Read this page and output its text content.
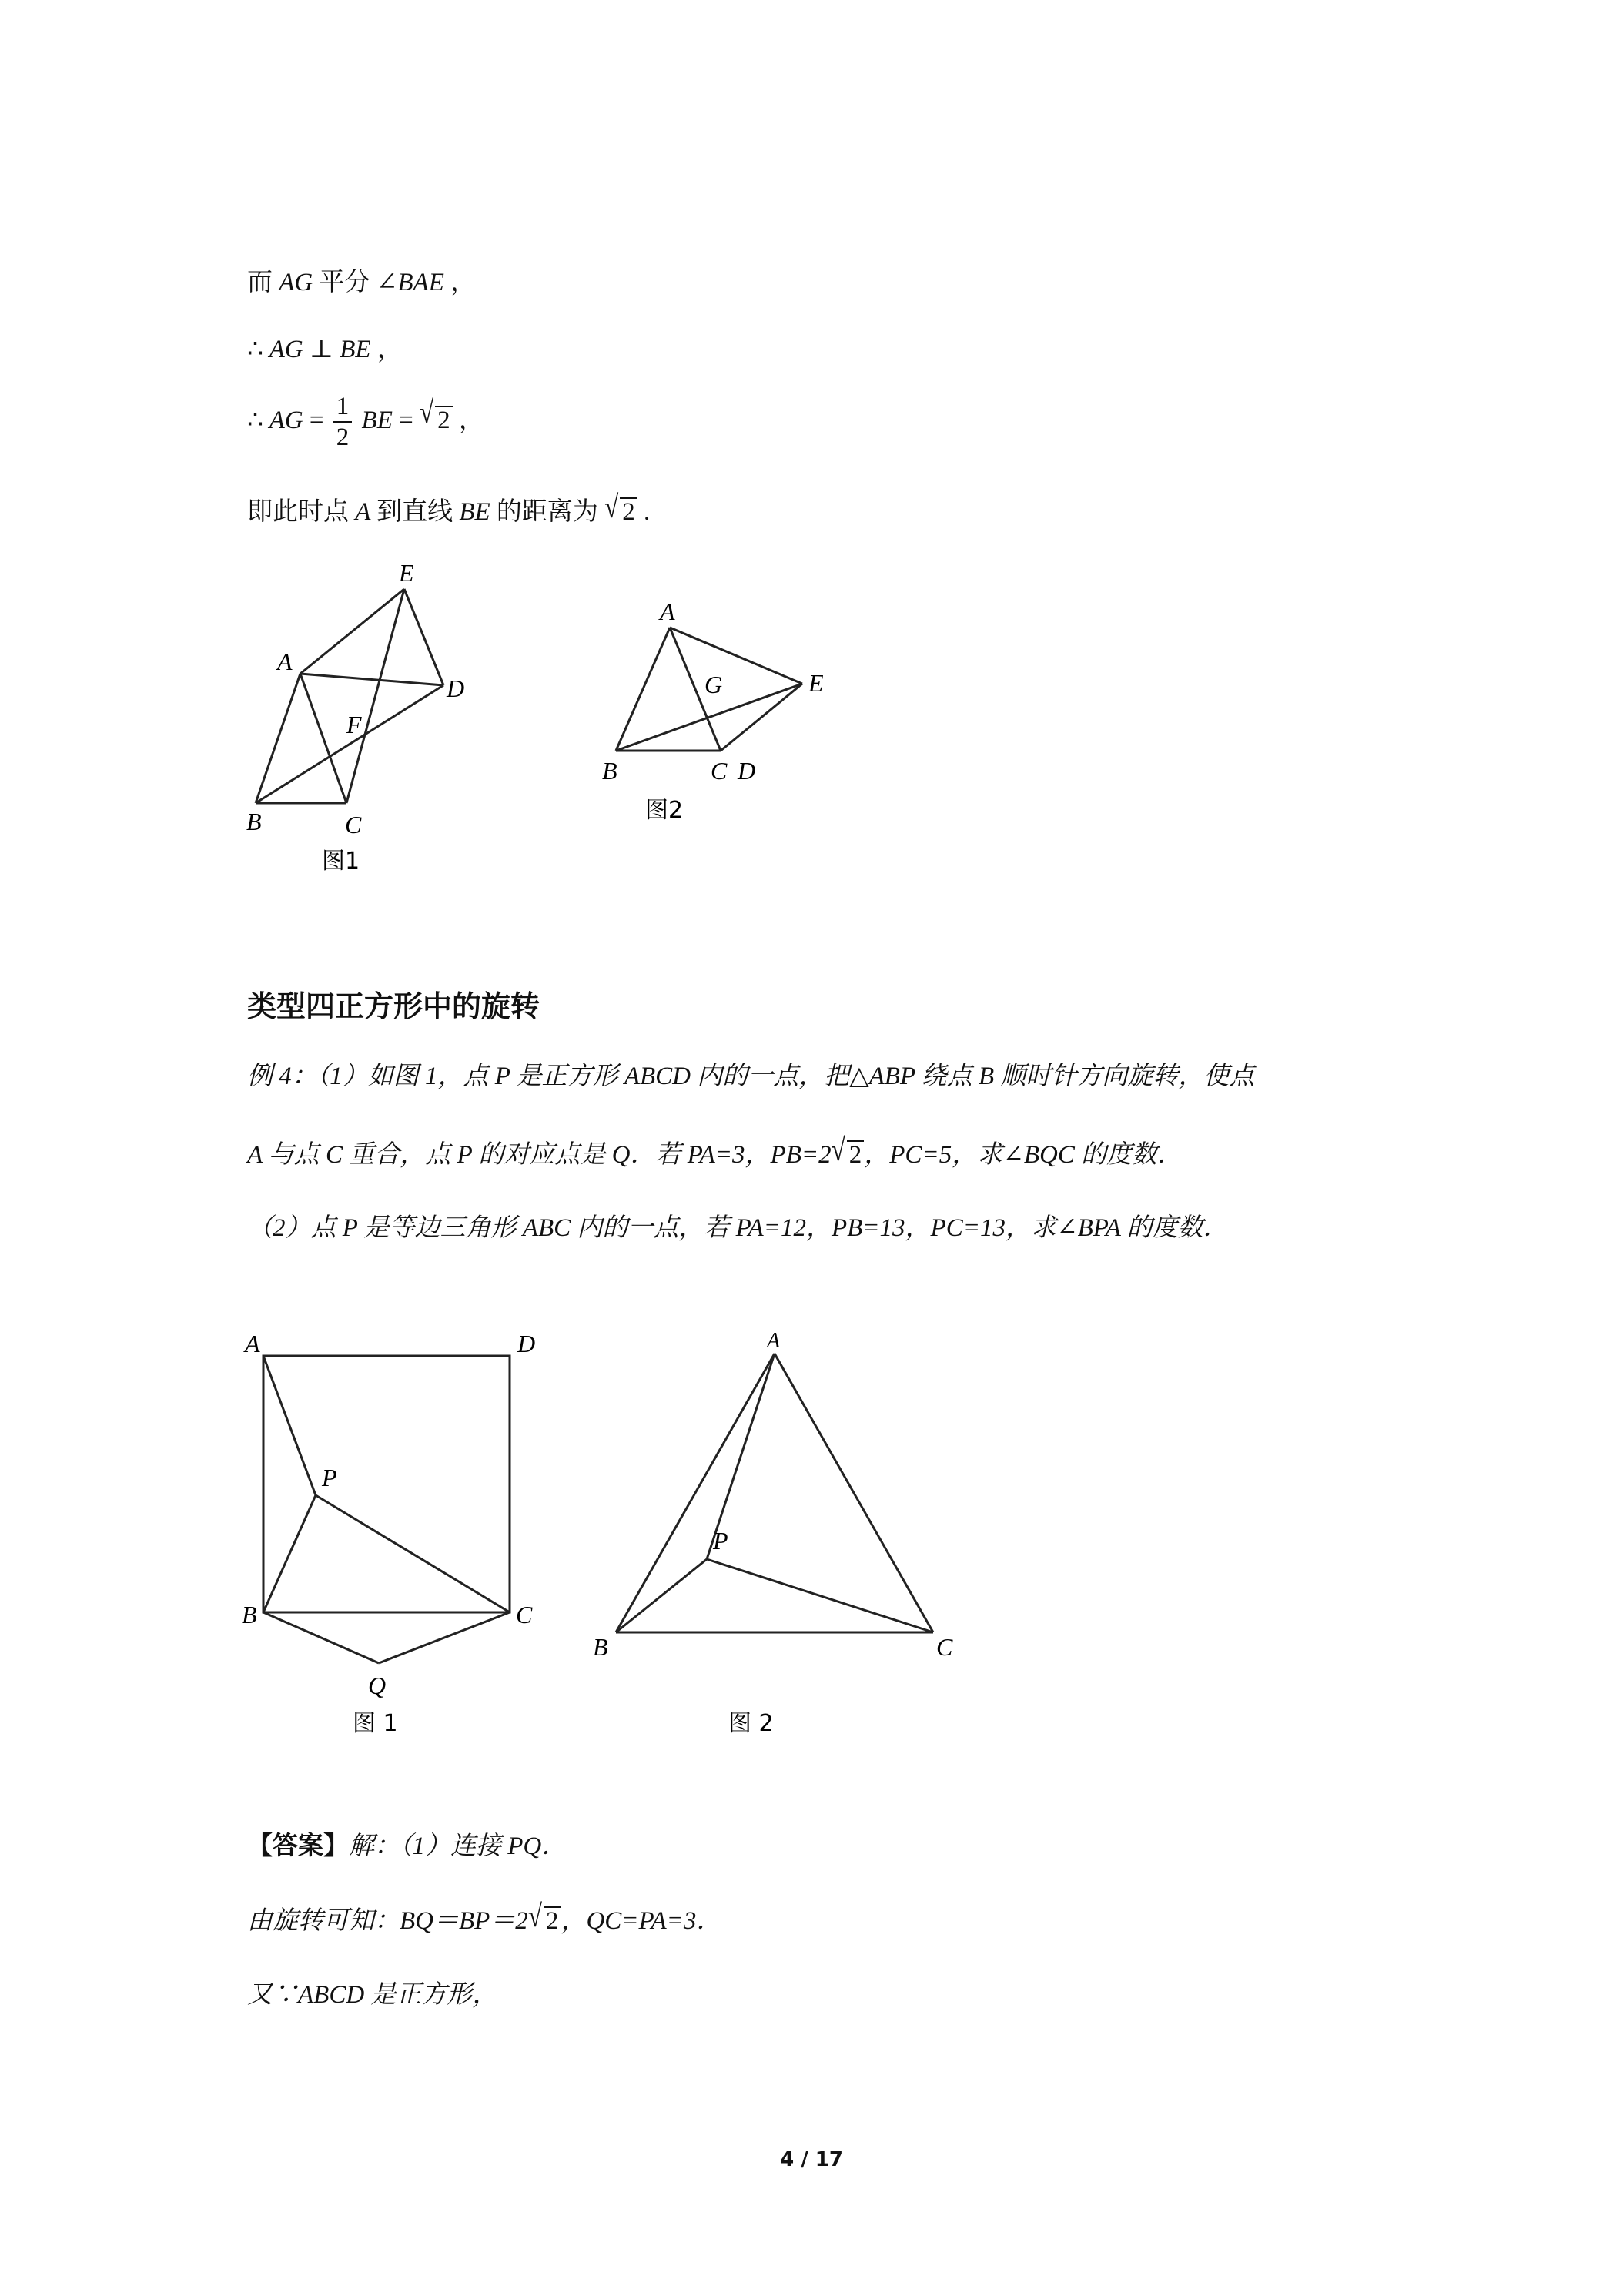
而 AG 平分 ∠BAE ，
∴ AG ⊥ BE ，
∴ AG = $\frac{1}{2}$ BE = √ 2 ，
即此时点 A 到直线 BE 的距离为 √ 2 .
E
A
D
F
B	C
图1
A
G	E
B	C D
图2
类型四正方形中的旋转
例 4：（1）如图 1，点 P 是正方形 ABCD 内的一点，把△ABP 绕点 B 顺时针方向旋转，使点
A 与点 C 重合，点 P 的对应点是 Q．若 PA=3，PB=2√ 2，PC=5，求∠BQC 的度数．
（2）点 P 是等边三角形 ABC 内的一点，若 PA=12，PB=13，PC=13，求∠BPA 的度数．
A	D
P
B	C
Q
图 1
A
P
B	C
图 2
【答案】解：（1）连接 PQ．
由旋转可知：BQ＝BP＝2√ 2，QC=PA=3．
又∵ABCD 是正方形，
4 / 17
